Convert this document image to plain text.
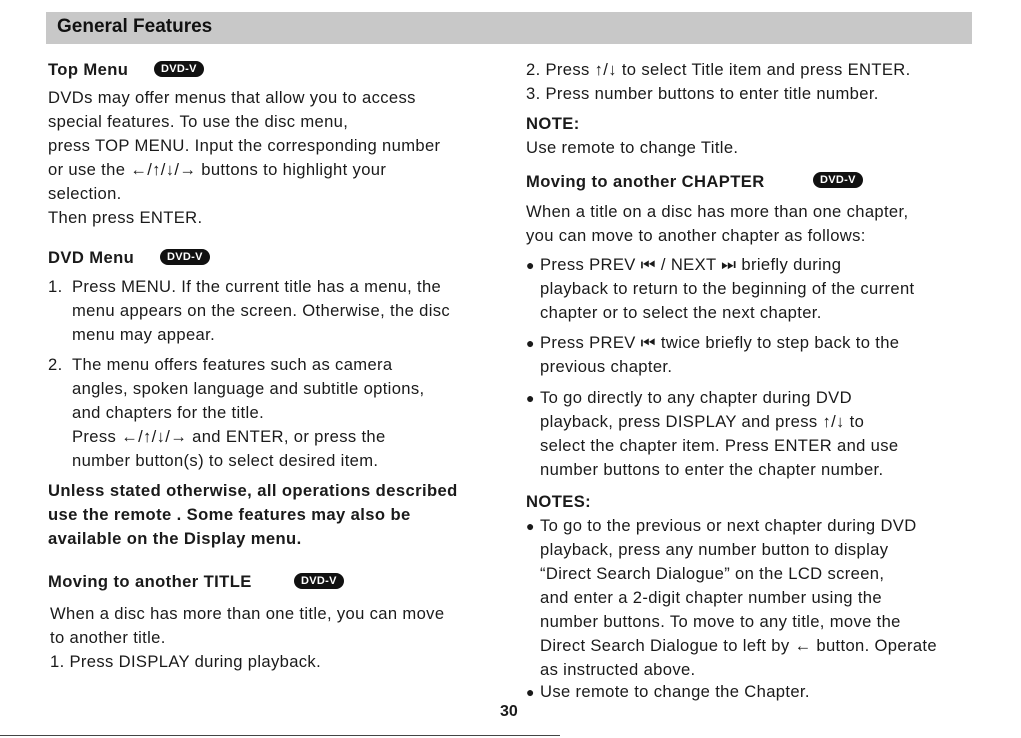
General Features
Top Menu	DVD-V
DVDs may offer menus that allow you to access
special features. To use the disc menu,
press TOP MENU. Input the corresponding number
or use the ←/↑/↓/→ buttons to highlight your
selection.
Then press ENTER.
DVD Menu	DVD-V
1. Press MENU. If the current title has a menu, the
menu appears on the screen. Otherwise, the disc
menu may appear.
2. The menu offers features such as camera
angles, spoken language and subtitle options,
and chapters for the title.
Press ←/↑/↓/→ and ENTER, or press the
number button(s) to select desired item.
Unless stated otherwise, all operations described
use the remote . Some features may also be
available on the Display menu.
Moving to another TITLE	DVD-V
When a disc has more than one title, you can move
to another title.
1. Press DISPLAY during playback.
2. Press ↑/↓ to select Title item and press ENTER.
3. Press number buttons to enter title number.
NOTE:
Use remote to change Title.
Moving to another CHAPTER	DVD-V
When a title on a disc has more than one chapter,
you can move to another chapter as follows:
● Press PREV ⏮ / NEXT ⏭ briefly during
playback to return to the beginning of the current
chapter or to select the next chapter.
● Press PREV ⏮ twice briefly to step back to the
previous chapter.
● To go directly to any chapter during DVD
playback, press DISPLAY and press ↑/↓ to
select the chapter item. Press ENTER and use
number buttons to enter the chapter number.
NOTES:
● To go to the previous or next chapter during DVD
playback, press any number button to display
“Direct Search Dialogue” on the LCD screen,
and enter a 2-digit chapter number using the
number buttons. To move to any title, move the
Direct Search Dialogue to left by ← button. Operate
as instructed above.
● Use remote to change the Chapter.
30
